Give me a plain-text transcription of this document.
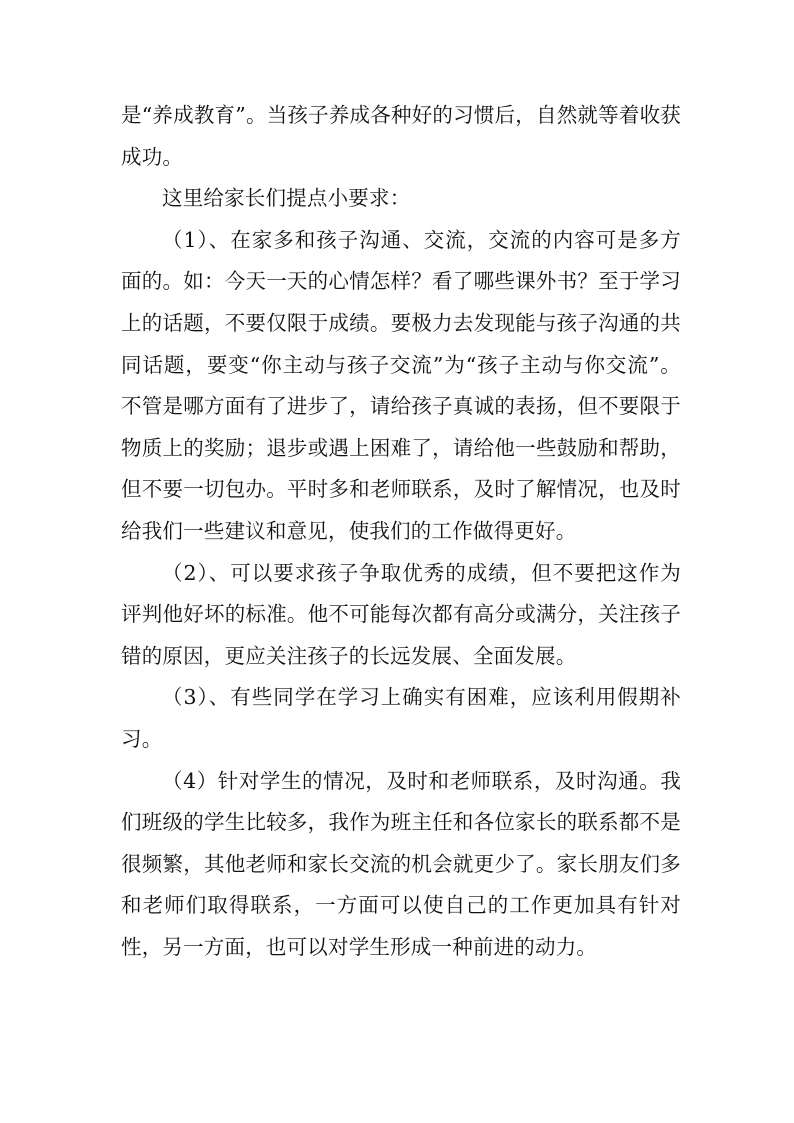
是“养成教育”。当孩子养成各种好的习惯后，自然就等着收获成功。

这里给家长们提点小要求：

（1）、在家多和孩子沟通、交流，交流的内容可是多方面的。如：今天一天的心情怎样？看了哪些课外书？至于学习上的话题，不要仅限于成绩。要极力去发现能与孩子沟通的共同话题，要变“你主动与孩子交流”为“孩子主动与你交流”。不管是哪方面有了进步了，请给孩子真诚的表扬，但不要限于物质上的奖励；退步或遇上困难了，请给他一些鼓励和帮助，但不要一切包办。平时多和老师联系，及时了解情况，也及时给我们一些建议和意见，使我们的工作做得更好。

（2）、可以要求孩子争取优秀的成绩，但不要把这作为评判他好坏的标准。他不可能每次都有高分或满分，关注孩子错的原因，更应关注孩子的长远发展、全面发展。

（3）、有些同学在学习上确实有困难，应该利用假期补习。

（4）针对学生的情况，及时和老师联系，及时沟通。我们班级的学生比较多，我作为班主任和各位家长的联系都不是很频繁，其他老师和家长交流的机会就更少了。家长朋友们多和老师们取得联系，一方面可以使自己的工作更加具有针对性，另一方面，也可以对学生形成一种前进的动力。
